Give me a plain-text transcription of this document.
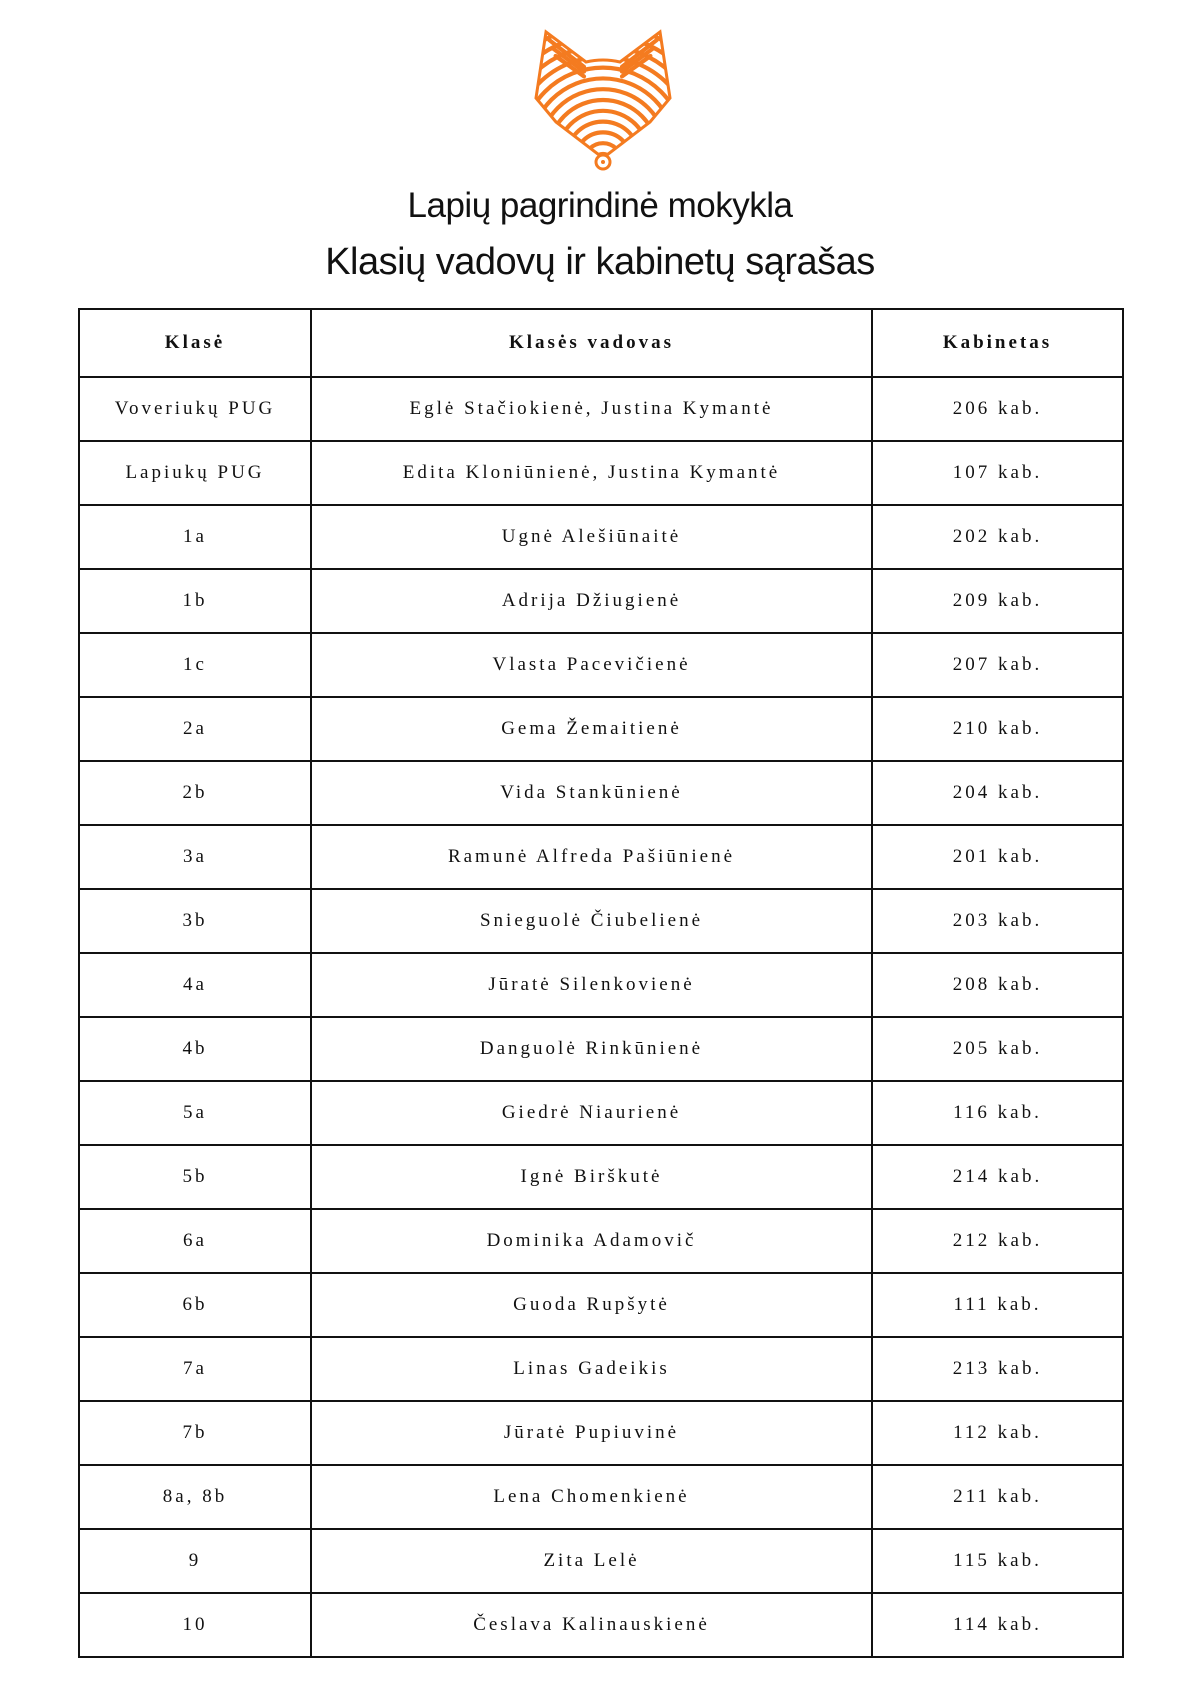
Lapių pagrindinė mokykla
Klasių vadovų ir kabinetų sąrašas
Klasė	Klasės vadovas	Kabinetas
Voveriukų PUG	Eglė Stačiokienė, Justina Kymantė	206 kab.
Lapiukų PUG	Edita Kloniūnienė, Justina Kymantė	107 kab.
1a	Ugnė Alešiūnaitė	202 kab.
1b	Adrija Džiugienė	209 kab.
1c	Vlasta Pacevičienė	207 kab.
2a	Gema Žemaitienė	210 kab.
2b	Vida Stankūnienė	204 kab.
3a	Ramunė Alfreda Pašiūnienė	201 kab.
3b	Snieguolė Čiubelienė	203 kab.
4a	Jūratė Silenkovienė	208 kab.
4b	Danguolė Rinkūnienė	205 kab.
5a	Giedrė Niaurienė	116 kab.
5b	Ignė Birškutė	214 kab.
6a	Dominika Adamovič	212 kab.
6b	Guoda Rupšytė	111 kab.
7a	Linas Gadeikis	213 kab.
7b	Jūratė Pupiuvinė	112 kab.
8a, 8b	Lena Chomenkienė	211 kab.
9	Zita Lelė	115 kab.
10	Česlava Kalinauskienė	114 kab.
